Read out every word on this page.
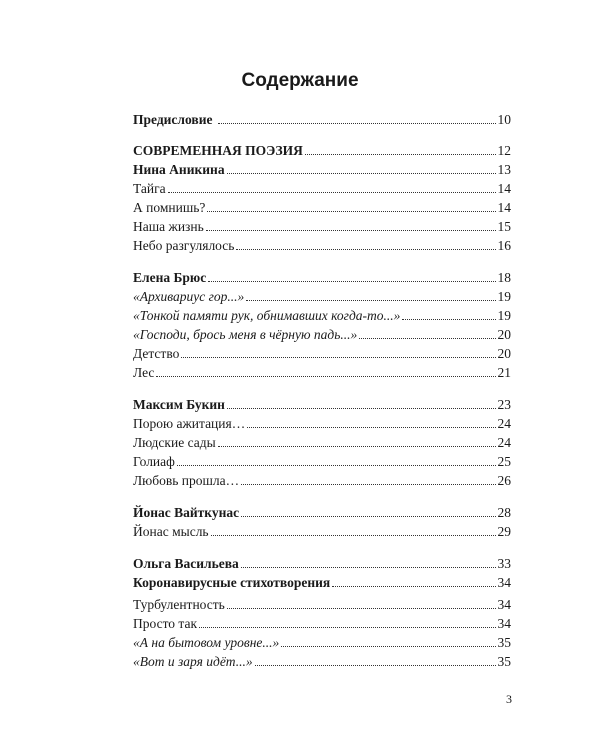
Содержание
Предисловие	10
СОВРЕМЕННАЯ ПОЭЗИЯ	12
Нина Аникина	13
Тайга	14
А помнишь?	14
Наша жизнь	15
Небо разгулялось	16
Елена Брюс	18
«Архивариус гор...»	19
«Тонкой памяти рук, обнимавших когда-то...»	19
«Господи, брось меня в чёрную падь...»	20
Детство	20
Лес	21
Максим Букин	23
Порою ажитация…	24
Людские сады	24
Голиаф	25
Любовь прошла…	26
Йонас Вайткунас	28
Йонас мысль	29
Ольга Васильева	33
Коронавирусные стихотворения	34
Турбулентность	34
Просто так	34
«А на бытовом уровне...»	35
«Вот и заря идёт...»	35
3
